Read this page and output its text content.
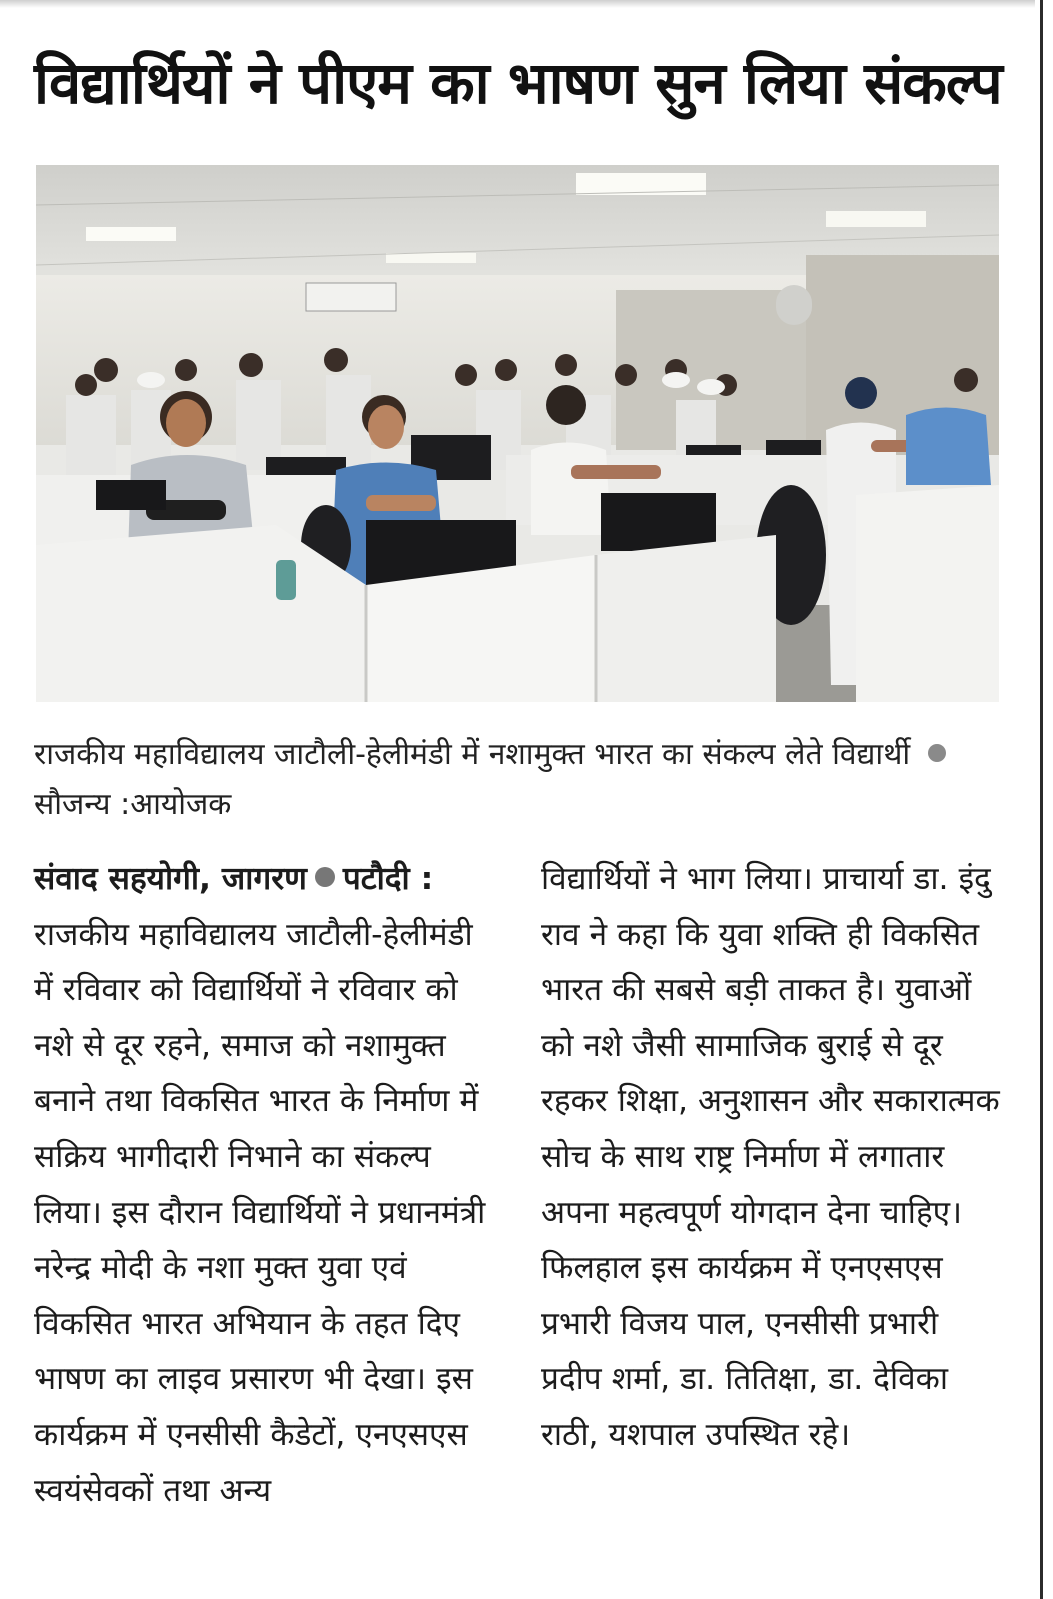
विद्यार्थियों ने पीएम का भाषण सुन लिया संकल्प
राजकीय महाविद्यालय जाटौली-हेलीमंडी में नशामुक्त भारत का संकल्प लेते विद्यार्थी सौजन्य :आयोजक
संवाद सहयोगी, जागरण पटौदी : राजकीय महाविद्यालय जाटौली-हेलीमंडी में रविवार को विद्यार्थियों ने रविवार को नशे से दूर रहने, समाज को नशामुक्त बनाने तथा विकसित भारत के निर्माण में सक्रिय भागीदारी निभाने का संकल्प लिया। इस दौरान विद्यार्थियों ने प्रधानमंत्री नरेन्द्र मोदी के नशा मुक्त युवा एवं विकसित भारत अभियान के तहत दिए भाषण का लाइव प्रसारण भी देखा। इस कार्यक्रम में एनसीसी कैडेटों, एनएसएस स्वयंसेवकों तथा अन्य
विद्यार्थियों ने भाग लिया। प्राचार्या डा. इंदु राव ने कहा कि युवा शक्ति ही विकसित भारत की सबसे बड़ी ताकत है। युवाओं को नशे जैसी सामाजिक बुराई से दूर रहकर शिक्षा, अनुशासन और सकारात्मक सोच के साथ राष्ट्र निर्माण में लगातार अपना महत्वपूर्ण योगदान देना चाहिए। फिलहाल इस कार्यक्रम में एनएसएस प्रभारी विजय पाल, एनसीसी प्रभारी प्रदीप शर्मा, डा. तितिक्षा, डा. देविका राठी, यशपाल उपस्थित रहे।
